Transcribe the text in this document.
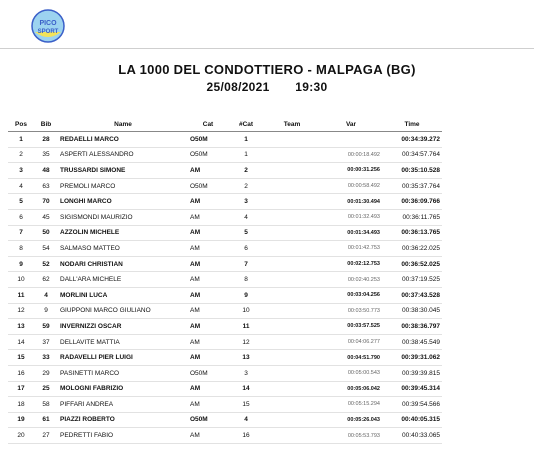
PICO
SPORT
LA 1000 DEL CONDOTTIERO - MALPAGA (BG)
25/08/2021 19:30
Pos	Bib	Name	Cat	#Cat	Team	Var	Time
1	28	REDAELLI MARCO	O50M	1			00:34:39.272
2	35	ASPERTI ALESSANDRO	O50M	1		00:00:18.492	00:34:57.764
3	48	TRUSSARDI SIMONE	AM	2		00:00:31.256	00:35:10.528
4	63	PREMOLI MARCO	O50M	2		00:00:58.492	00:35:37.764
5	70	LONGHI MARCO	AM	3		00:01:30.494	00:36:09.766
6	45	SIGISMONDI MAURIZIO	AM	4		00:01:32.493	00:36:11.765
7	50	AZZOLIN MICHELE	AM	5		00:01:34.493	00:36:13.765
8	54	SALMASO MATTEO	AM	6		00:01:42.753	00:36:22.025
9	52	NODARI CHRISTIAN	AM	7		00:02:12.753	00:36:52.025
10	62	DALL'ARA MICHELE	AM	8		00:02:40.253	00:37:19.525
11	4	MORLINI LUCA	AM	9		00:03:04.256	00:37:43.528
12	9	GIUPPONI MARCO GIULIANO	AM	10		00:03:50.773	00:38:30.045
13	59	INVERNIZZI OSCAR	AM	11		00:03:57.525	00:38:36.797
14	37	DELLAVITE MATTIA	AM	12		00:04:06.277	00:38:45.549
15	33	RADAVELLI PIER LUIGI	AM	13		00:04:51.790	00:39:31.062
16	29	PASINETTI MARCO	O50M	3		00:05:00.543	00:39:39.815
17	25	MOLOGNI FABRIZIO	AM	14		00:05:06.042	00:39:45.314
18	58	PIFFARI ANDREA	AM	15		00:05:15.294	00:39:54.566
19	61	PIAZZI ROBERTO	O50M	4		00:05:26.043	00:40:05.315
20	27	PEDRETTI FABIO	AM	16		00:05:53.793	00:40:33.065
